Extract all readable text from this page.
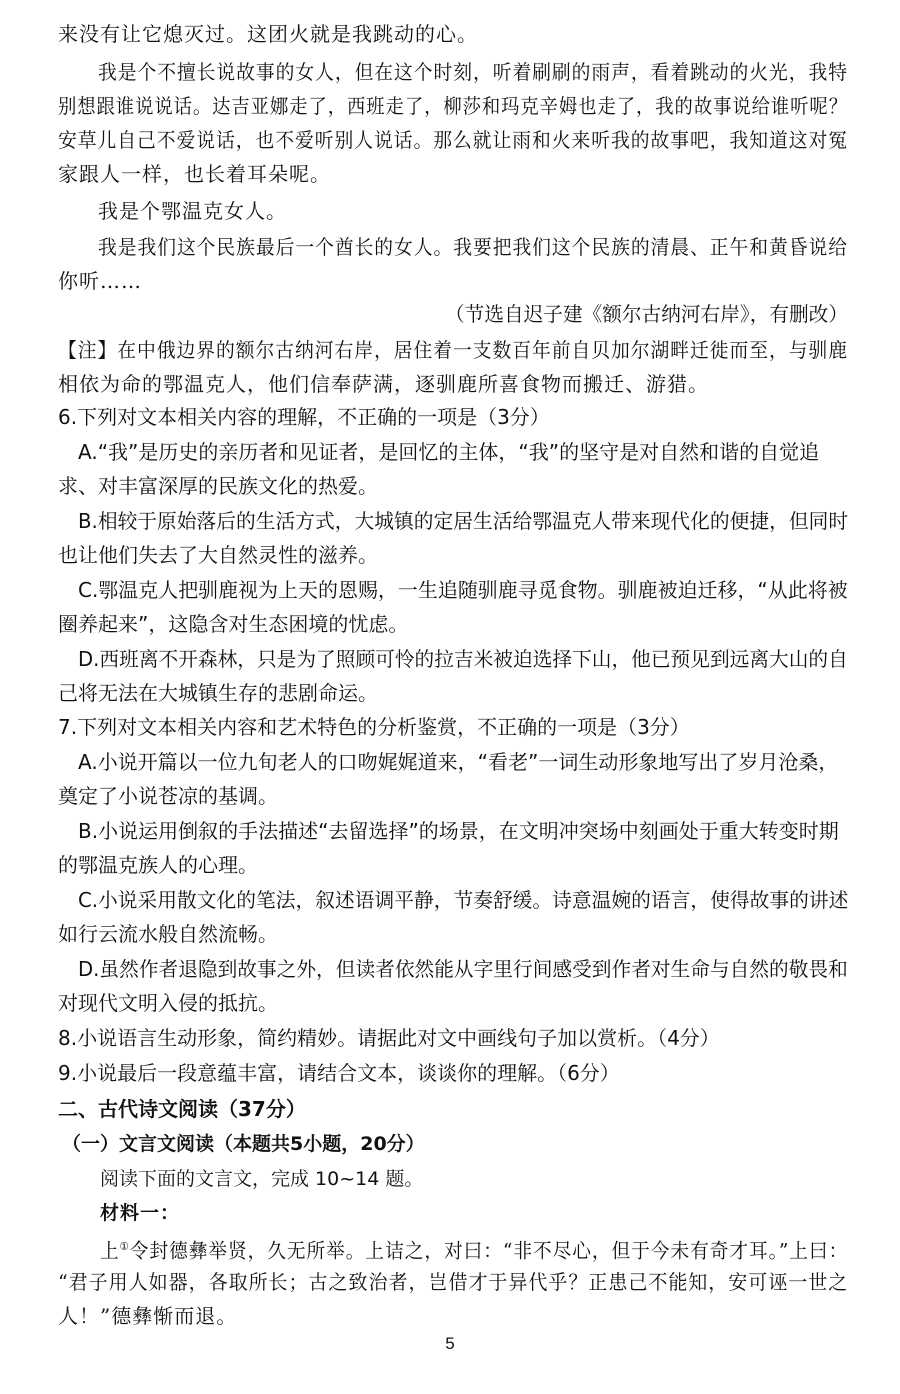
来没有让它熄灭过。这团火就是我跳动的心。
我是个不擅长说故事的女人，但在这个时刻，听着刷刷的雨声，看着跳动的火光，我特
别想跟谁说说话。达吉亚娜走了，西班走了，柳莎和玛克辛姆也走了，我的故事说给谁听呢？
安草儿自己不爱说话，也不爱听别人说话。那么就让雨和火来听我的故事吧，我知道这对冤
家跟人一样，也长着耳朵呢。
我是个鄂温克女人。
我是我们这个民族最后一个酋长的女人。我要把我们这个民族的清晨、正午和黄昏说给
你听……
（节选自迟子建《额尔古纳河右岸》，有删改）
【注】在中俄边界的额尔古纳河右岸，居住着一支数百年前自贝加尔湖畔迁徙而至，与驯鹿
相依为命的鄂温克人，他们信奉萨满，逐驯鹿所喜食物而搬迁、游猎。
6.下列对文本相关内容的理解，不正确的一项是（3分）
A.“我”是历史的亲历者和见证者，是回忆的主体，“我”的坚守是对自然和谐的自觉追
求、对丰富深厚的民族文化的热爱。
B.相较于原始落后的生活方式，大城镇的定居生活给鄂温克人带来现代化的便捷，但同时
也让他们失去了大自然灵性的滋养。
C.鄂温克人把驯鹿视为上天的恩赐，一生追随驯鹿寻觅食物。驯鹿被迫迁移，“从此将被
圈养起来”，这隐含对生态困境的忧虑。
D.西班离不开森林，只是为了照顾可怜的拉吉米被迫选择下山，他已预见到远离大山的自
己将无法在大城镇生存的悲剧命运。
7.下列对文本相关内容和艺术特色的分析鉴赏，不正确的一项是（3分）
A.小说开篇以一位九旬老人的口吻娓娓道来，“看老”一词生动形象地写出了岁月沧桑，
奠定了小说苍凉的基调。
B.小说运用倒叙的手法描述“去留选择”的场景，在文明冲突场中刻画处于重大转变时期
的鄂温克族人的心理。
C.小说采用散文化的笔法，叙述语调平静，节奏舒缓。诗意温婉的语言，使得故事的讲述
如行云流水般自然流畅。
D.虽然作者退隐到故事之外，但读者依然能从字里行间感受到作者对生命与自然的敬畏和
对现代文明入侵的抵抗。
8.小说语言生动形象，简约精妙。请据此对文中画线句子加以赏析。（4分）
9.小说最后一段意蕴丰富，请结合文本，谈谈你的理解。（6分）
二、古代诗文阅读（37分）
（一）文言文阅读（本题共5小题，20分）
阅读下面的文言文，完成 10~14 题。
材料一：
上①令封德彝举贤，久无所举。上诘之，对曰：“非不尽心，但于今未有奇才耳。”上曰：
“君子用人如器，各取所长；古之致治者，岂借才于异代乎？正患己不能知，安可诬一世之
人！”德彝惭而退。
5
